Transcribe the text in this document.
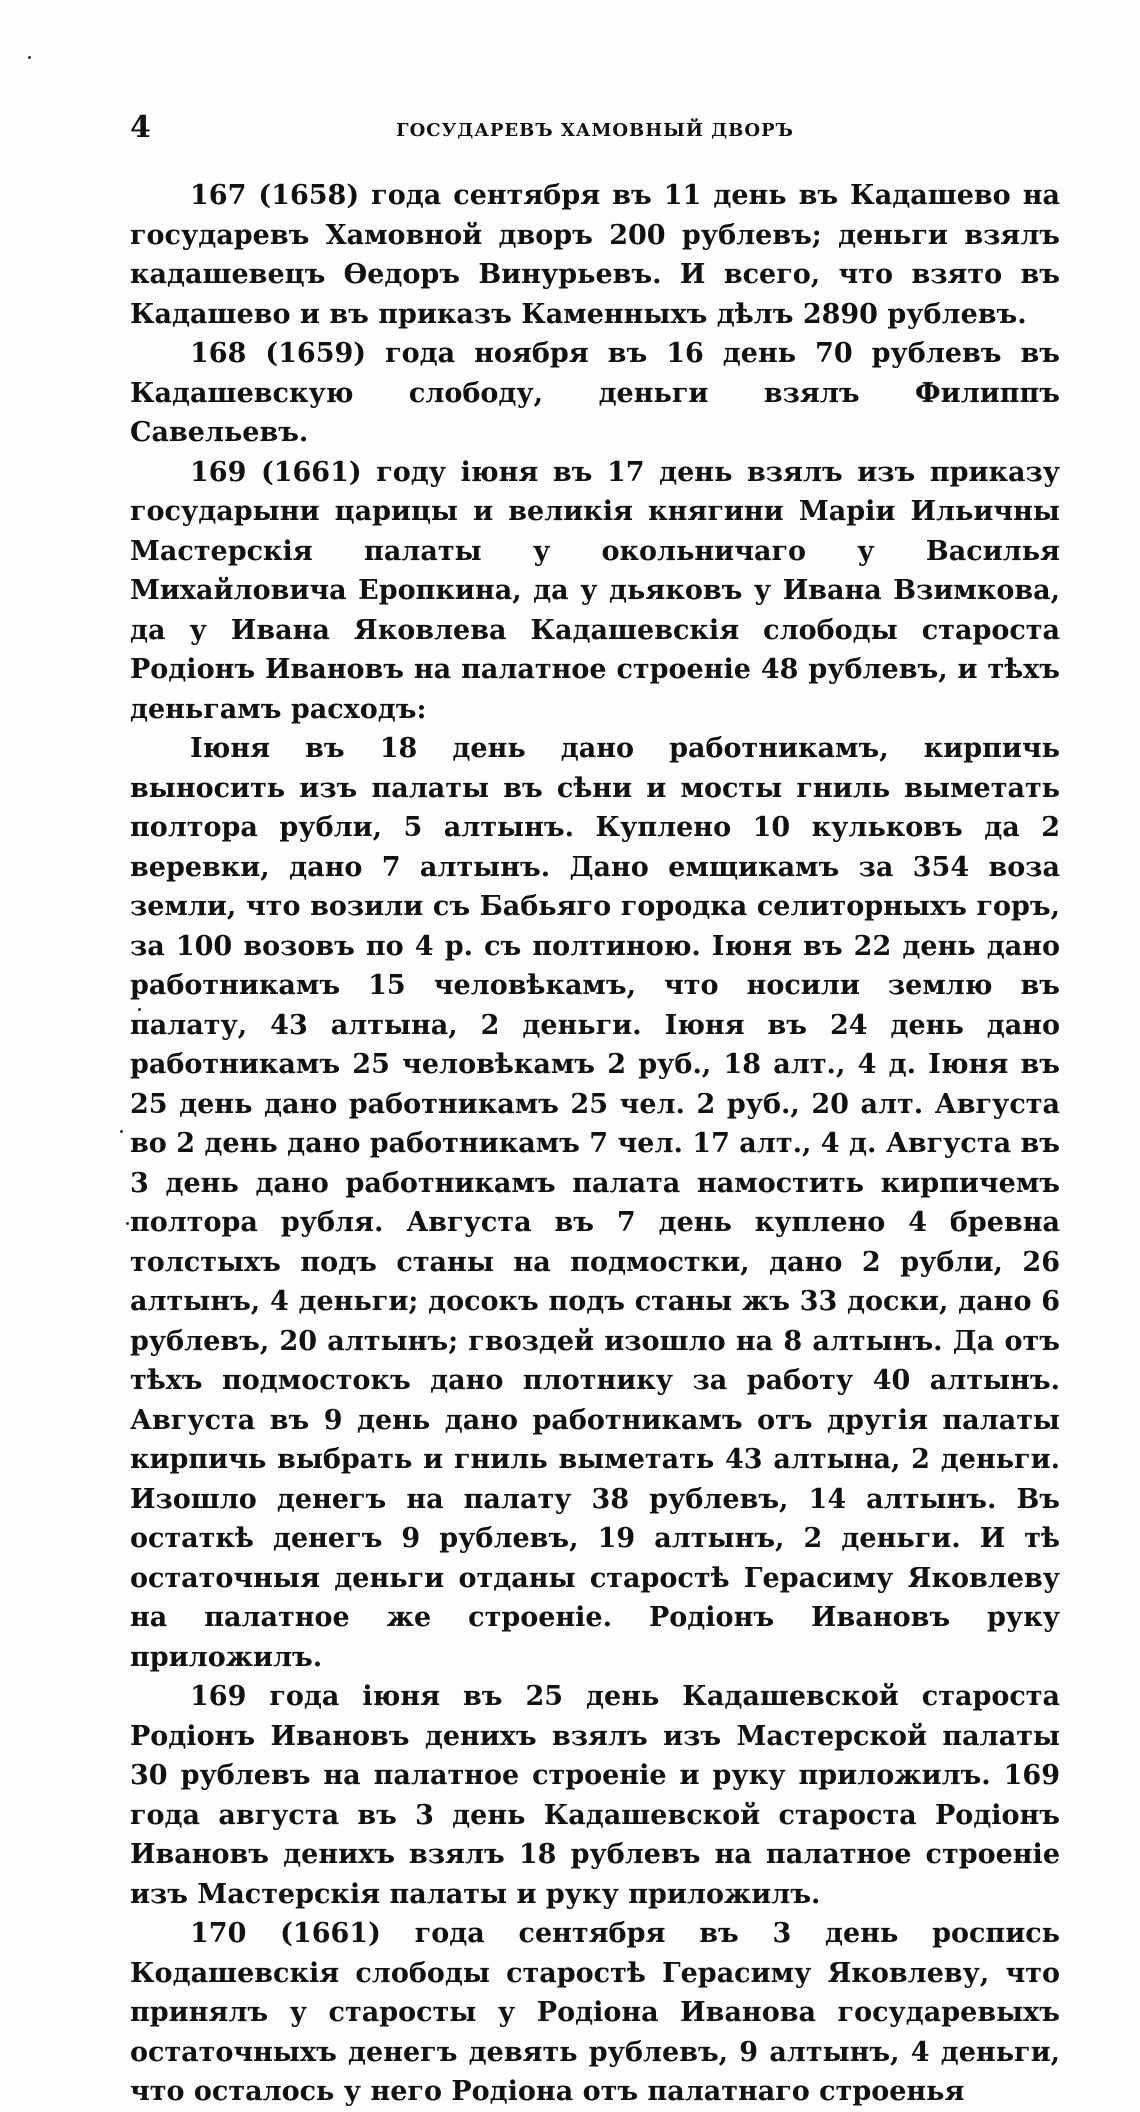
4	ГОСУДАРЕВЪ ХАМОВНЫЙ ДВОРЪ

167 (1658) года сентября въ 11 день въ Кадашево на государевъ Хамовной дворъ 200 рублевъ; деньги взялъ кадашевецъ Өедоръ Винурьевъ. И всего, что взято въ Кадашево и въ приказъ Каменныхъ дѣлъ 2890 рублевъ.

168 (1659) года ноября въ 16 день 70 рублевъ въ Кадашевскую слободу, деньги взялъ Филиппъ Савельевъ.

169 (1661) году іюня въ 17 день взялъ изъ приказу государыни царицы и великія княгини Маріи Ильичны Мастерскія палаты у окольничаго у Василья Михайловича Еропкина, да у дьяковъ у Ивана Взимкова, да у Ивана Яковлева Кадашевскія слободы староста Родіонъ Ивановъ на палатное строеніе 48 рублевъ, и тѣхъ деньгамъ расходъ:

Іюня въ 18 день дано работникамъ, кирпичь выносить изъ палаты въ сѣни и мосты гниль выметать полтора рубли, 5 алтынъ. Куплено 10 кульковъ да 2 веревки, дано 7 алтынъ. Дано емщикамъ за 354 воза земли, что возили съ Бабьяго городка селиторныхъ горъ, за 100 возовъ по 4 р. съ полтиною. Іюня въ 22 день дано работникамъ 15 человѣкамъ, что носили землю въ палату, 43 алтына, 2 деньги. Іюня въ 24 день дано работникамъ 25 человѣкамъ 2 руб., 18 алт., 4 д. Іюня въ 25 день дано работникамъ 25 чел. 2 руб., 20 алт. Августа во 2 день дано работникамъ 7 чел. 17 алт., 4 д. Августа въ 3 день дано работникамъ палата намостить кирпичемъ полтора рубля. Августа въ 7 день куплено 4 бревна толстыхъ подъ станы на подмостки, дано 2 рубли, 26 алтынъ, 4 деньги; досокъ подъ станы жъ 33 доски, дано 6 рублевъ, 20 алтынъ; гвоздей изошло на 8 алтынъ. Да отъ тѣхъ подмостокъ дано плотнику за работу 40 алтынъ. Августа въ 9 день дано работникамъ отъ другія палаты кирпичь выбрать и гниль выметать 43 алтына, 2 деньги. Изошло денегъ на палату 38 рублевъ, 14 алтынъ. Въ остаткѣ денегъ 9 рублевъ, 19 алтынъ, 2 деньги. И тѣ остаточныя деньги отданы старостѣ Герасиму Яковлеву на палатное же строеніе. Родіонъ Ивановъ руку приложилъ.

169 года іюня въ 25 день Кадашевской староста Родіонъ Ивановъ денихъ взялъ изъ Мастерской палаты 30 рублевъ на палатное строеніе и руку приложилъ. 169 года августа въ 3 день Кадашевской староста Родіонъ Ивановъ денихъ взялъ 18 рублевъ на палатное строеніе изъ Мастерскія палаты и руку приложилъ.

170 (1661) года сентября въ 3 день роспись Кодашевскія слободы старостѣ Герасиму Яковлеву, что принялъ у старосты у Родіона Иванова государевыхъ остаточныхъ денегъ девять рублевъ, 9 алтынъ, 4 деньги, что осталось у него Родіона отъ палатнаго строенья
